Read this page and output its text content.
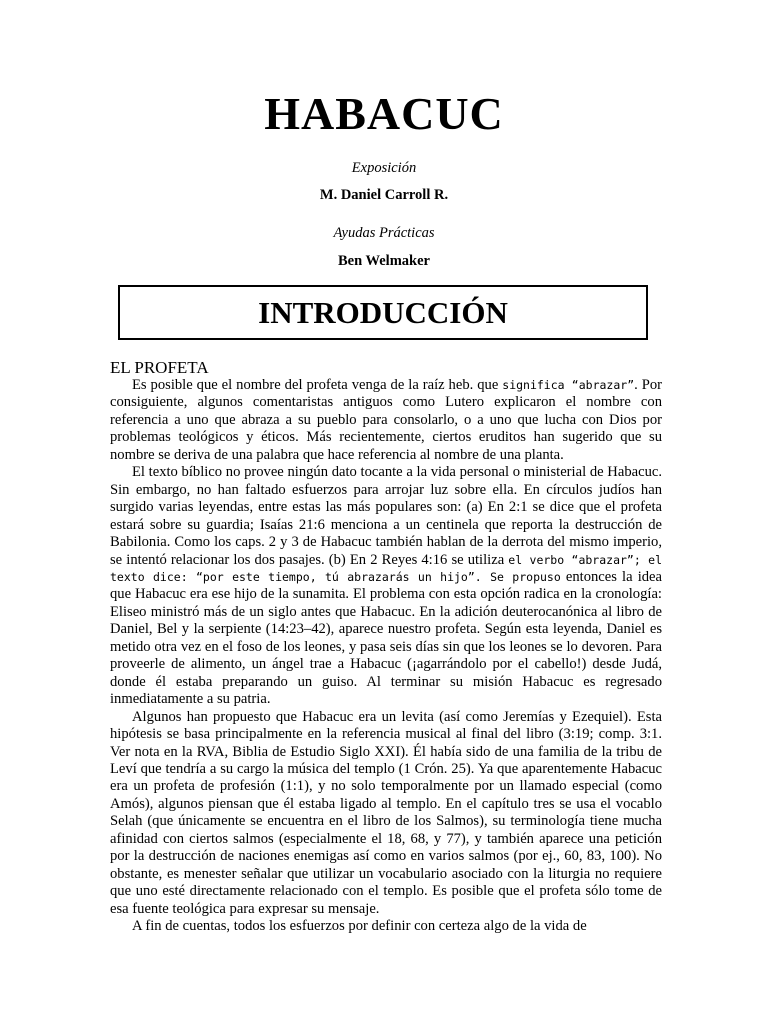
HABACUC

Exposición

M. Daniel Carroll R.

Ayudas Prácticas

Ben Welmaker

INTRODUCCIÓN
EL PROFETA

Es posible que el nombre del profeta venga de la raíz heb. que significa “abrazar”. Por consiguiente, algunos comentaristas antiguos como Lutero explicaron el nombre con referencia a uno que abraza a su pueblo para consolarlo, o a uno que lucha con Dios por problemas teológicos y éticos. Más recientemente, ciertos eruditos han sugerido que su nombre se deriva de una palabra que hace referencia al nombre de una planta.

El texto bíblico no provee ningún dato tocante a la vida personal o ministerial de Habacuc. Sin embargo, no han faltado esfuerzos para arrojar luz sobre ella. En círculos judíos han surgido varias leyendas, entre estas las más populares son: (a) En 2:1 se dice que el profeta estará sobre su guardia; Isaías 21:6 menciona a un centinela que reporta la destrucción de Babilonia. Como los caps. 2 y 3 de Habacuc también hablan de la derrota del mismo imperio, se intentó relacionar los dos pasajes. (b) En 2 Reyes 4:16 se utiliza el verbo “abrazar”; el texto dice: “por este tiempo, tú abrazarás un hijo”. Se propuso entonces la idea que Habacuc era ese hijo de la sunamita. El problema con esta opción radica en la cronología: Eliseo ministró más de un siglo antes que Habacuc. En la adición deuterocanónica al libro de Daniel, Bel y la serpiente (14:23–42), aparece nuestro profeta. Según esta leyenda, Daniel es metido otra vez en el foso de los leones, y pasa seis días sin que los leones se lo devoren. Para proveerle de alimento, un ángel trae a Habacuc (¡agarrándolo por el cabello!) desde Judá, donde él estaba preparando un guiso. Al terminar su misión Habacuc es regresado inmediatamente a su patria.

Algunos han propuesto que Habacuc era un levita (así como Jeremías y Ezequiel). Esta hipótesis se basa principalmente en la referencia musical al final del libro (3:19; comp. 3:1. Ver nota en la RVA, Biblia de Estudio Siglo XXI). Él había sido de una familia de la tribu de Leví que tendría a su cargo la música del templo (1 Crón. 25). Ya que aparentemente Habacuc era un profeta de profesión (1:1), y no solo temporalmente por un llamado especial (como Amós), algunos piensan que él estaba ligado al templo. En el capítulo tres se usa el vocablo Selah (que únicamente se encuentra en el libro de los Salmos), su terminología tiene mucha afinidad con ciertos salmos (especialmente el 18, 68, y 77), y también aparece una petición por la destrucción de naciones enemigas así como en varios salmos (por ej., 60, 83, 100). No obstante, es menester señalar que utilizar un vocabulario asociado con la liturgia no requiere que uno esté directamente relacionado con el templo. Es posible que el profeta sólo tome de esa fuente teológica para expresar su mensaje.

A fin de cuentas, todos los esfuerzos por definir con certeza algo de la vida de
